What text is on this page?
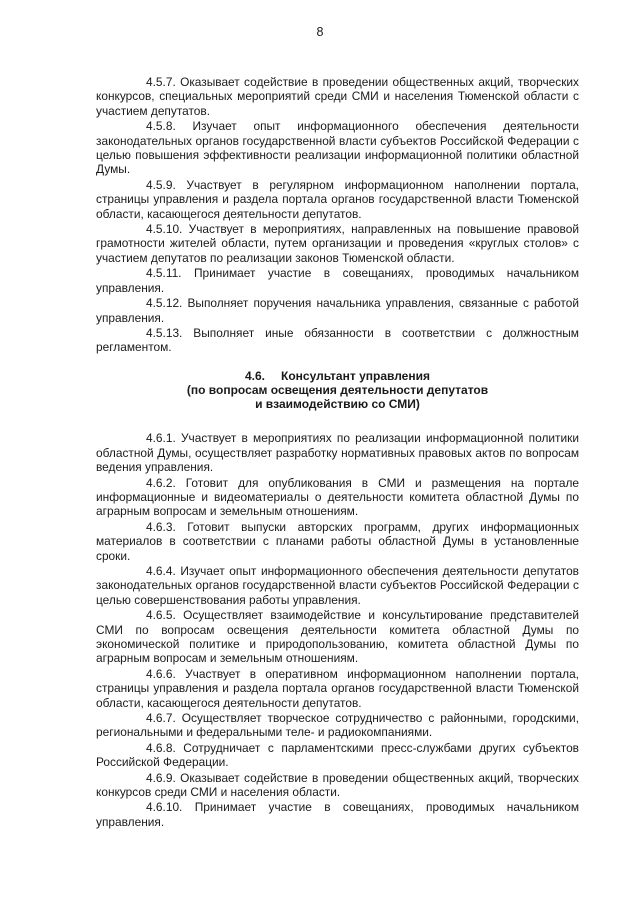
8

4.5.7. Оказывает содействие в проведении общественных акций, творческих конкурсов, специальных мероприятий среди СМИ и населения Тюменской области с участием депутатов.

4.5.8. Изучает опыт информационного обеспечения деятельности законодательных органов государственной власти субъектов Российской Федерации с целью повышения эффективности реализации информационной политики областной Думы.

4.5.9. Участвует в регулярном информационном наполнении портала, страницы управления и раздела портала органов государственной власти Тюменской области, касающегося деятельности депутатов.

4.5.10. Участвует в мероприятиях, направленных на повышение правовой грамотности жителей области, путем организации и проведения «круглых столов» с участием депутатов по реализации законов Тюменской области.

4.5.11. Принимает участие в совещаниях, проводимых начальником управления.

4.5.12. Выполняет поручения начальника управления, связанные с работой управления.

4.5.13. Выполняет иные обязанности в соответствии с должностным регламентом.

4.6. Консультант управления
(по вопросам освещения деятельности депутатов
и взаимодействию со СМИ)

4.6.1. Участвует в мероприятиях по реализации информационной политики областной Думы, осуществляет разработку нормативных правовых актов по вопросам ведения управления.

4.6.2. Готовит для опубликования в СМИ и размещения на портале информационные и видеоматериалы о деятельности комитета областной Думы по аграрным вопросам и земельным отношениям.

4.6.3. Готовит выпуски авторских программ, других информационных материалов в соответствии с планами работы областной Думы в установленные сроки.

4.6.4. Изучает опыт информационного обеспечения деятельности депутатов законодательных органов государственной власти субъектов Российской Федерации с целью совершенствования работы управления.

4.6.5. Осуществляет взаимодействие и консультирование представителей СМИ по вопросам освещения деятельности комитета областной Думы по экономической политике и природопользованию, комитета областной Думы по аграрным вопросам и земельным отношениям.

4.6.6. Участвует в оперативном информационном наполнении портала, страницы управления и раздела портала органов государственной власти Тюменской области, касающегося деятельности депутатов.

4.6.7. Осуществляет творческое сотрудничество с районными, городскими, региональными и федеральными теле- и радиокомпаниями.

4.6.8. Сотрудничает с парламентскими пресс-службами других субъектов Российской Федерации.

4.6.9. Оказывает содействие в проведении общественных акций, творческих конкурсов среди СМИ и населения области.

4.6.10. Принимает участие в совещаниях, проводимых начальником управления.
